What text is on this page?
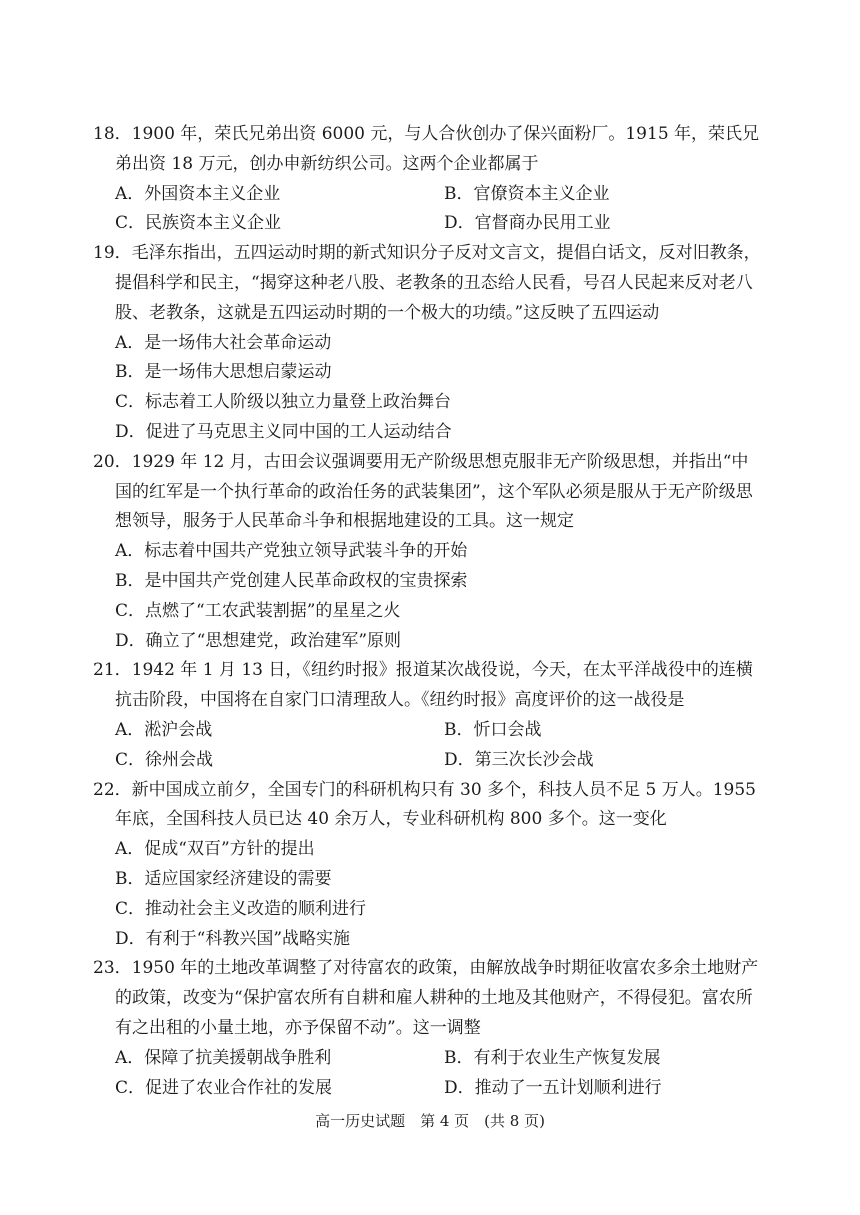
18．1900 年，荣氏兄弟出资 6000 元，与人合伙创办了保兴面粉厂。1915 年，荣氏兄
弟出资 18 万元，创办申新纺织公司。这两个企业都属于
A．外国资本主义企业	B．官僚资本主义企业
C．民族资本主义企业	D．官督商办民用工业
19．毛泽东指出，五四运动时期的新式知识分子反对文言文，提倡白话文，反对旧教条，
提倡科学和民主，“揭穿这种老八股、老教条的丑态给人民看，号召人民起来反对老八
股、老教条，这就是五四运动时期的一个极大的功绩。”这反映了五四运动
A．是一场伟大社会革命运动
B．是一场伟大思想启蒙运动
C．标志着工人阶级以独立力量登上政治舞台
D．促进了马克思主义同中国的工人运动结合
20．1929 年 12 月，古田会议强调要用无产阶级思想克服非无产阶级思想，并指出“中
国的红军是一个执行革命的政治任务的武装集团”，这个军队必须是服从于无产阶级思
想领导，服务于人民革命斗争和根据地建设的工具。这一规定
A．标志着中国共产党独立领导武装斗争的开始
B．是中国共产党创建人民革命政权的宝贵探索
C．点燃了“工农武装割据”的星星之火
D．确立了“思想建党，政治建军”原则
21．1942 年 1 月 13 日，《纽约时报》报道某次战役说，今天，在太平洋战役中的连横
抗击阶段，中国将在自家门口清理敌人。《纽约时报》高度评价的这一战役是
A．淞沪会战	B．忻口会战
C．徐州会战	D．第三次长沙会战
22．新中国成立前夕，全国专门的科研机构只有 30 多个，科技人员不足 5 万人。1955
年底，全国科技人员已达 40 余万人，专业科研机构 800 多个。这一变化
A．促成“双百”方针的提出
B．适应国家经济建设的需要
C．推动社会主义改造的顺利进行
D．有利于“科教兴国”战略实施
23．1950 年的土地改革调整了对待富农的政策，由解放战争时期征收富农多余土地财产
的政策，改变为“保护富农所有自耕和雇人耕种的土地及其他财产，不得侵犯。富农所
有之出租的小量土地，亦予保留不动”。这一调整
A．保障了抗美援朝战争胜利	B．有利于农业生产恢复发展
C．促进了农业合作社的发展	D．推动了一五计划顺利进行
高一历史试题　第 4 页　(共 8 页)
